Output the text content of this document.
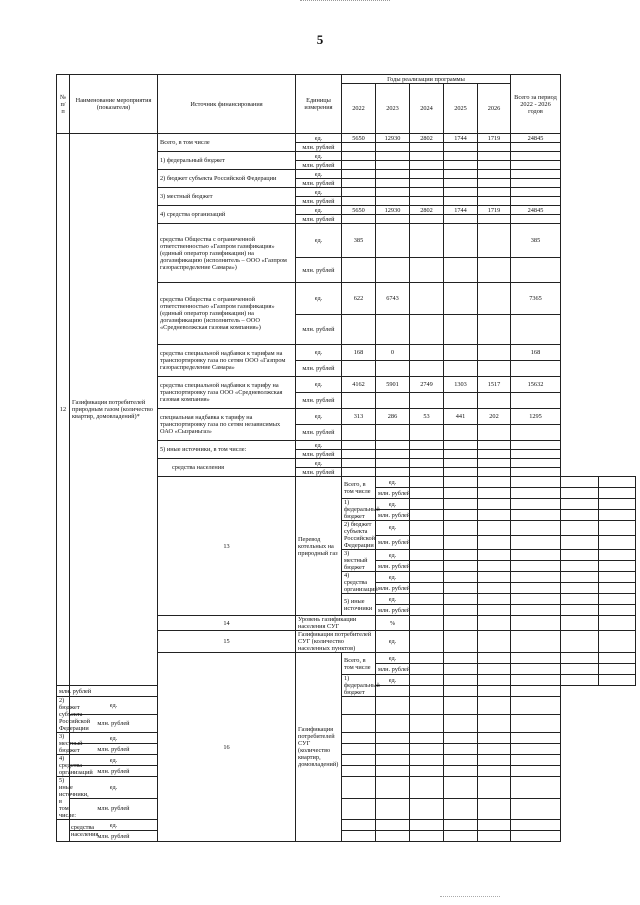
5
№ п/п	Наименование мероприятия (показателя)	Источник финансирования	Единицы измерения	Годы реализации программы					Всего за период 2022 - 2026 годов		
				2022	2023	2024	2025	2026			
12	Газификация потребителей природным газом (количество квартир, домовладений)*	Всего, в том числе	ед.	5650	12930	2802	1744	1719	24845		
			млн. рублей								
		1) федеральный бюджет	ед.								
			млн. рублей								
		2) бюджет субъекта Российской Федерации	ед.								
			млн. рублей								
		3) местный бюджет	ед.								
			млн. рублей								
		4) средства организаций	ед.	5650	12930	2802	1744	1719	24845		
			млн. рублей								
		средства Общества с ограниченной ответственностью «Газпром газификация» (единый оператор газификации) на догазификацию (исполнитель – ООО «Газпром газораспределение Самара»)	ед.	385					385		
			млн. рублей								
		средства Общества с ограниченной ответственностью «Газпром газификация» (единый оператор газификации) на догазификацию (исполнитель – ООО «Средневолжская газовая компания»)	ед.	622	6743				7365		
			млн. рублей								
		средства специальной надбавки к тарифам на транспортировку газа по сетям ООО «Газпром газораспределение Самара»	ед.	168	0				168		
			млн. рублей								
		средства специальной надбавки к тарифу на транспортировку газа ООО «Средневолжская газовая компания»	ед.	4162	5901	2749	1303	1517	15632		
			млн. рублей								
		специальная надбавка к тарифу на транспортировку газа по сетям независимых ОАО «Сызраньгаз»	ед.	313	286	53	441	202	1295		
			млн. рублей								
		5) иные источники, в том числе:	ед.								
			млн. рублей								
		средства населения	ед.								
			млн. рублей								
		13	Перевод котельных на природный газ	Всего, в том числе	ед.						
					млн. рублей						
				1) федеральный бюджет	ед.						
					млн. рублей						
				2) бюджет субъекта Российской Федерации	ед.						
					млн. рублей						
				3) местный бюджет	ед.						
					млн. рублей						
				4) средства организаций	ед.						
					млн. рублей						
				5) иные источники	ед.						
					млн. рублей						
		14	Уровень газификации населения СУГ		%						
		15	Газификация потребителей СУГ (количество населенных пунктов)		ед.						
		16	Газификация потребителей СУГ (количество квартир, домовладений)	Всего, в том числе	ед.						
					млн. рублей						
				1) федеральный бюджет	ед.						
млн. рублей											
2) бюджет субъекта Российской Федерации	ед.										
	млн. рублей										
3) местный бюджет	ед.										
	млн. рублей										
4) средства организаций	ед.										
	млн. рублей										
5) иные источники, в том числе:	ед.										
	млн. рублей										
средства населения	ед.										
	млн. рублей										
